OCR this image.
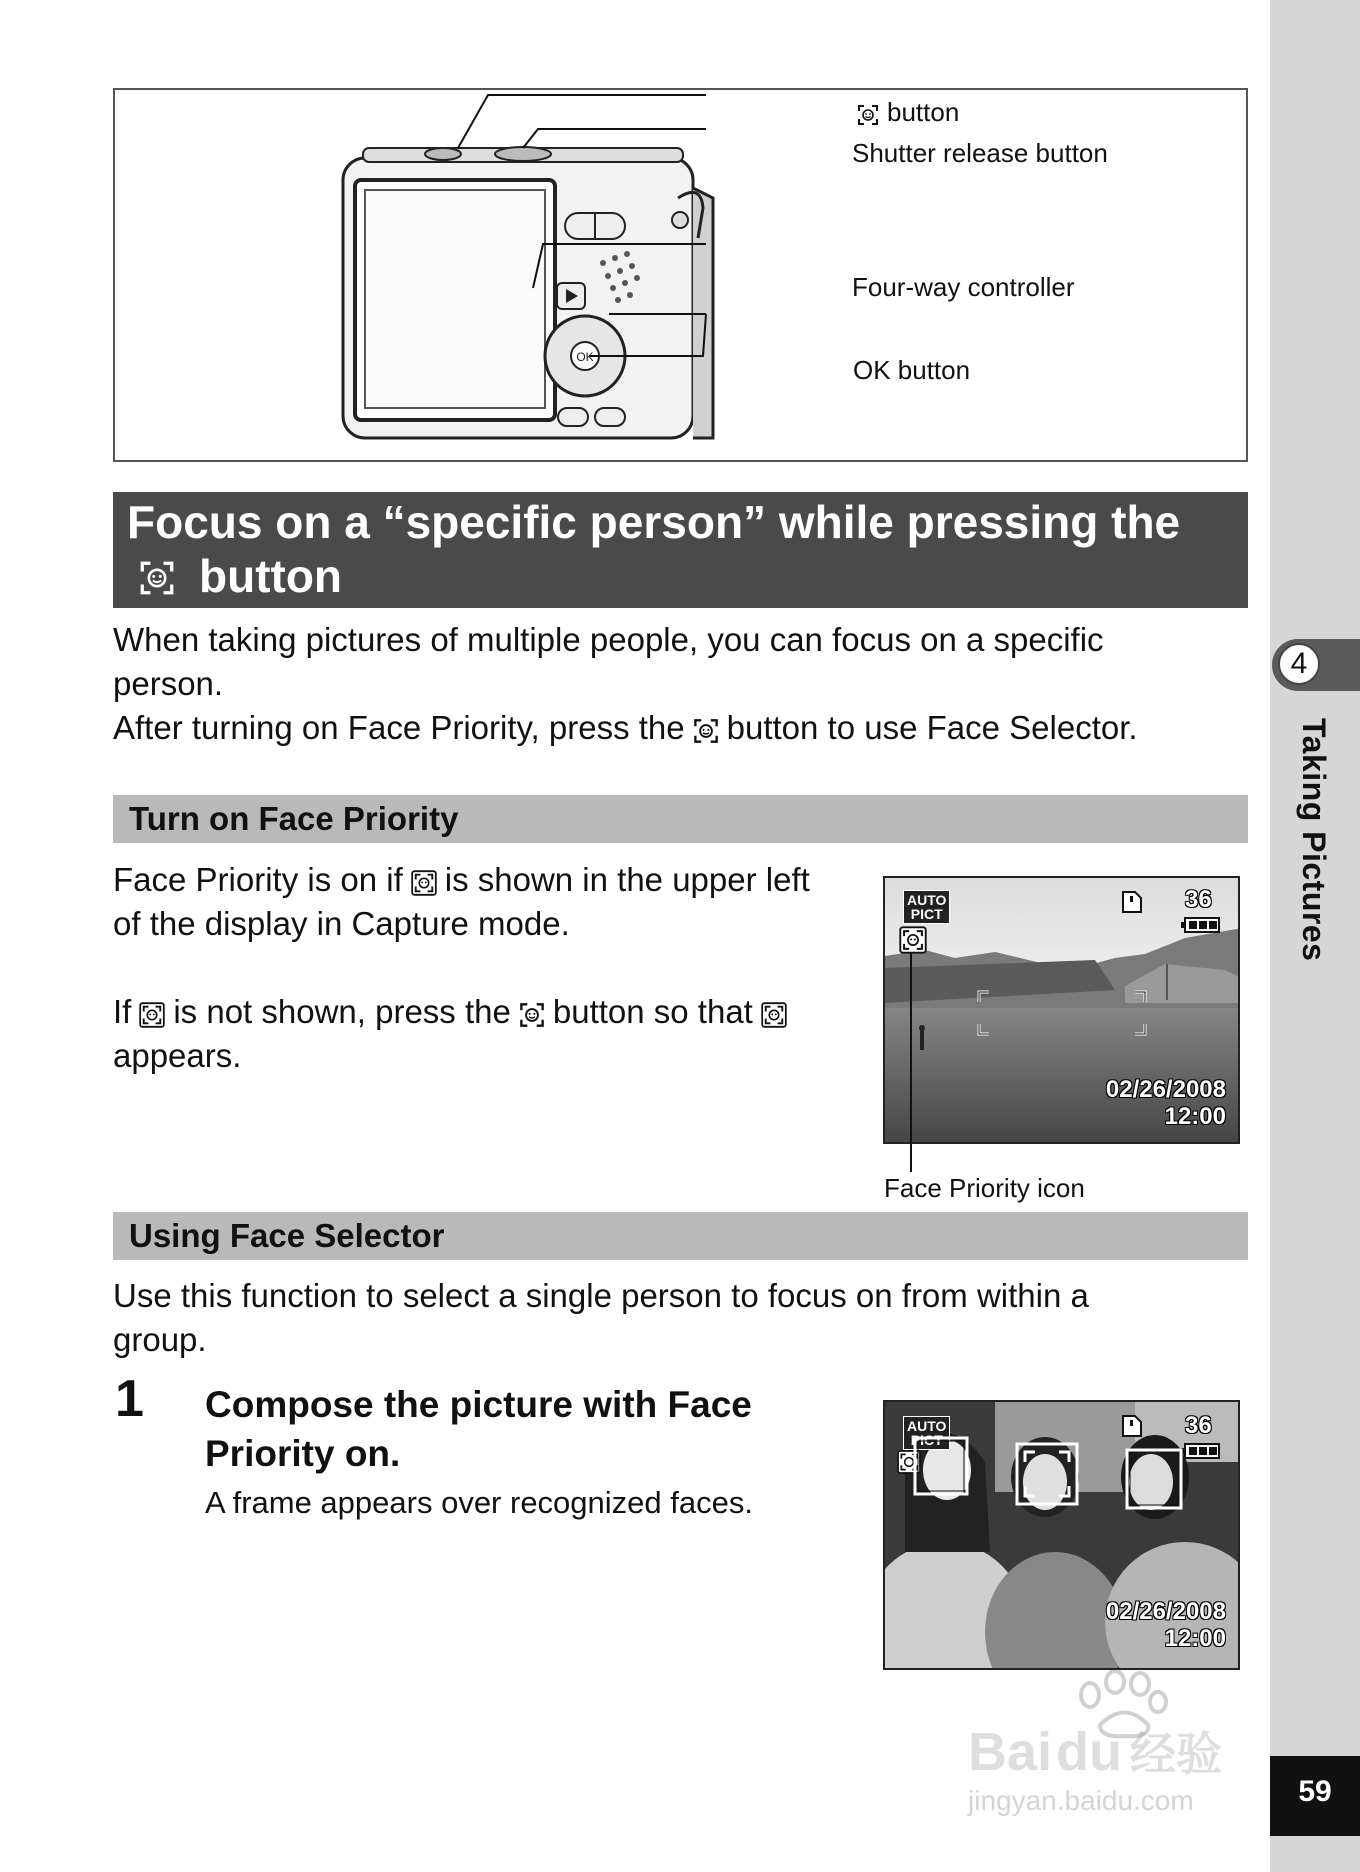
4
Taking Pictures
59
OK
button
Shutter release button
Four-way controller
OK button
Focus on a “specific person” while pressing the
button
When taking pictures of multiple people, you can focus on a specific
person.
After turning on Face Priority, press the button to use Face Selector.
Turn on Face Priority
Face Priority is on if is shown in the upper left
of the display in Capture mode.
If is not shown, press the button so that
appears.
AUTO
PICT
36
02/26/2008
12:00
Face Priority icon
Using Face Selector
Use this function to select a single person to focus on from within a
group.
1 Compose the picture with Face
Priority on.
A frame appears over recognized faces.
AUTO
PICT
36
02/26/2008
12:00
Baidu 经验
jingyan.baidu.com
